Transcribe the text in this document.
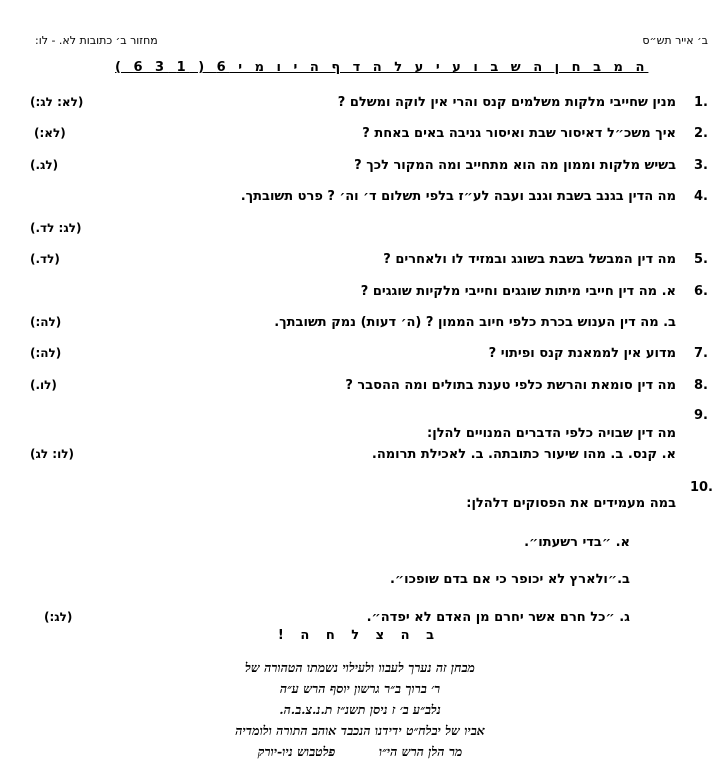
ב׳ אייר תש״ס
מחזור ב׳ כתובות לא. - לו:
ה מ ב ח ן ה ש ב ו ע י ע ל ה ד ף ה י ו מ י 6 ( 1 3 6 )
.1
מנין שחייבי מלקות משלמים קנס והרי אין לוקה ומשלם ?
(לא: לג:)
.2
איך משכ״ל דאיסור שבת ואיסור גניבה באים באחת ?
(לא:)
.3
בשיש מלקות וממון מה הוא מתחייב ומה המקור לכך ?
(לג.)
.4
מה הדין בגנב בשבת וגנב ועבה לע״ז בלפי תשלום ד׳ וה׳ ? פרט תשובתך.
(לג: לד.)
.5
מה דין המבשל בשבת בשוגג ובמזיד לו ולאחרים ?
(לד.)
.6
א. מה דין חייבי מיתות שוגגים וחייבי מלקיות שוגגים ?
ב. מה דין הענוש בכרת כלפי חיוב הממון ? (ה׳ דעות) נמק תשובתך.
(לה:)
.7
מדוע אין לממאנת קנס ופיתוי ?
(לה:)
.8
מה דין סומאת והרשת כלפי טענת בתולים ומה ההסבר ?
(לו.)
.9
מה דין שבויה כלפי הדברים המנויים להלן:
א. קנס. ב. מהו שיעור כתובתה. ב. לאכילת תרומה.
(לו: לג)
.10
במה מעמידים את הפסוקים דלהלן:
א. ״בדי רשעתו״.
ב.״ולארץ לא יכופר כי אם בדם שופכו״.
ג. ״כל חרם אשר יחרם מן האדם לא יפדה״.
(לג:)
ב ה צ ל ח ה !
מבחן זה נערך לעבוו ולעילוי נשמתו הטהורה של
ר׳ ברוך ב״ר גרשון יוסף הרש ע״ה
נלב״ע ב׳ ז ניסן תשנ״ז ת.נ.צ.ב.ה.
אביו של יבלח״ט ידידנו הנכבד אוהב התורה ולומדיה
מר הלן הרש הי״ו          פלטבוש ניו-יורק
